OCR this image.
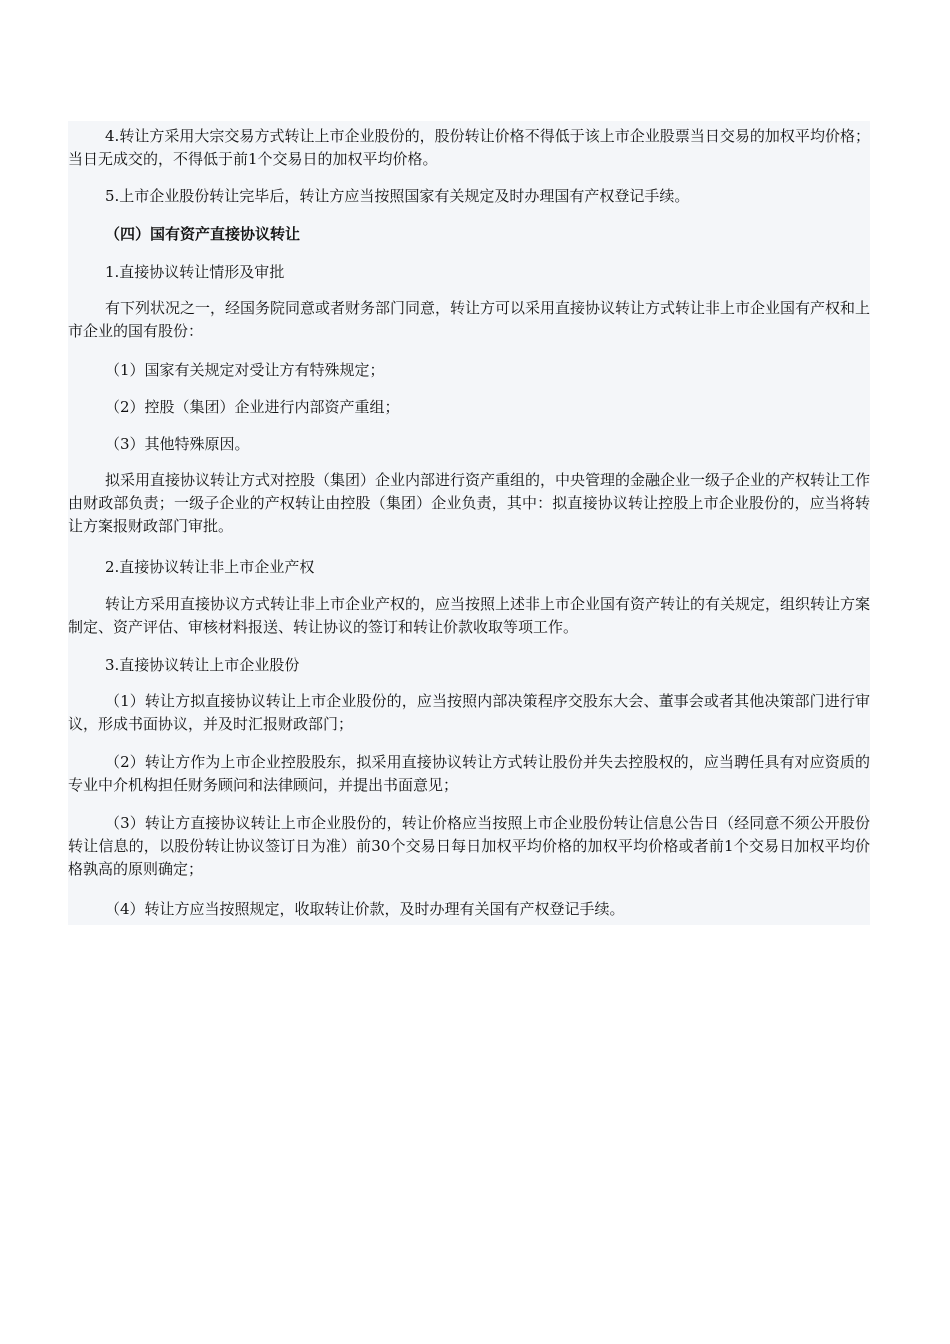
4.转让方采用大宗交易方式转让上市企业股份的，股份转让价格不得低于该上市企业股票当日交易的加权平均价格；当日无成交的，不得低于前1个交易日的加权平均价格。

5.上市企业股份转让完毕后，转让方应当按照国家有关规定及时办理国有产权登记手续。

（四）国有资产直接协议转让

1.直接协议转让情形及审批

有下列状况之一，经国务院同意或者财务部门同意，转让方可以采用直接协议转让方式转让非上市企业国有产权和上市企业的国有股份：

（1）国家有关规定对受让方有特殊规定；

（2）控股（集团）企业进行内部资产重组；

（3）其他特殊原因。

拟采用直接协议转让方式对控股（集团）企业内部进行资产重组的，中央管理的金融企业一级子企业的产权转让工作由财政部负责；一级子企业的产权转让由控股（集团）企业负责，其中：拟直接协议转让控股上市企业股份的，应当将转让方案报财政部门审批。

2.直接协议转让非上市企业产权

转让方采用直接协议方式转让非上市企业产权的，应当按照上述非上市企业国有资产转让的有关规定，组织转让方案制定、资产评估、审核材料报送、转让协议的签订和转让价款收取等项工作。

3.直接协议转让上市企业股份

（1）转让方拟直接协议转让上市企业股份的，应当按照内部决策程序交股东大会、董事会或者其他决策部门进行审议，形成书面协议，并及时汇报财政部门；

（2）转让方作为上市企业控股股东，拟采用直接协议转让方式转让股份并失去控股权的，应当聘任具有对应资质的专业中介机构担任财务顾问和法律顾问，并提出书面意见；

（3）转让方直接协议转让上市企业股份的，转让价格应当按照上市企业股份转让信息公告日（经同意不须公开股份转让信息的，以股份转让协议签订日为准）前30个交易日每日加权平均价格的加权平均价格或者前1个交易日加权平均价格孰高的原则确定；

（4）转让方应当按照规定，收取转让价款，及时办理有关国有产权登记手续。
